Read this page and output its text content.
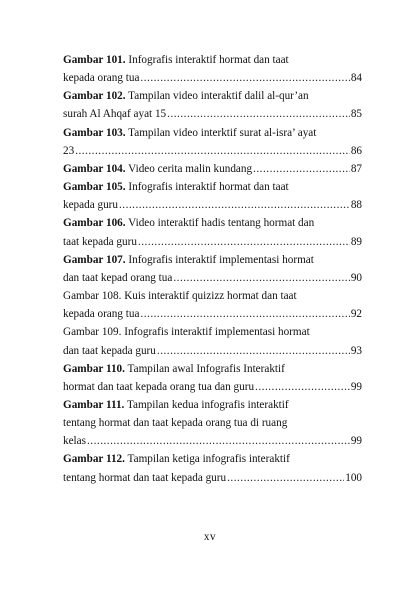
Gambar 101. Infografis interaktif hormat dan taat
kepada orang tua .....	84
Gambar 102. Tampilan video interaktif dalil al-qur’an
surah Al Ahqaf ayat 15 .....	85
Gambar 103. Tampilan video interktif surat al-isra’ ayat
23 .....	86
Gambar 104. Video cerita malin kundang .....	87
Gambar 105. Infografis interaktif hormat dan taat
kepada guru .....	88
Gambar 106. Video interaktif hadis tentang hormat dan
taat kepada guru .....	89
Gambar 107. Infografis interaktif implementasi hormat
dan taat kepad orang tua .....	90
Gambar 108. Kuis interaktif quizizz hormat dan taat
kepada orang tua .....	92
Gambar 109. Infografis interaktif implementasi hormat
dan taat kepada guru .....	93
Gambar 110. Tampilan awal Infografis Interaktif
hormat dan taat kepada orang tua dan guru .....	99
Gambar 111. Tampilan kedua infografis interaktif
tentang hormat dan taat kepada orang tua di ruang
kelas .....	99
Gambar 112. Tampilan ketiga infografis interaktif
tentang hormat dan taat kepada guru .....	100
xv
